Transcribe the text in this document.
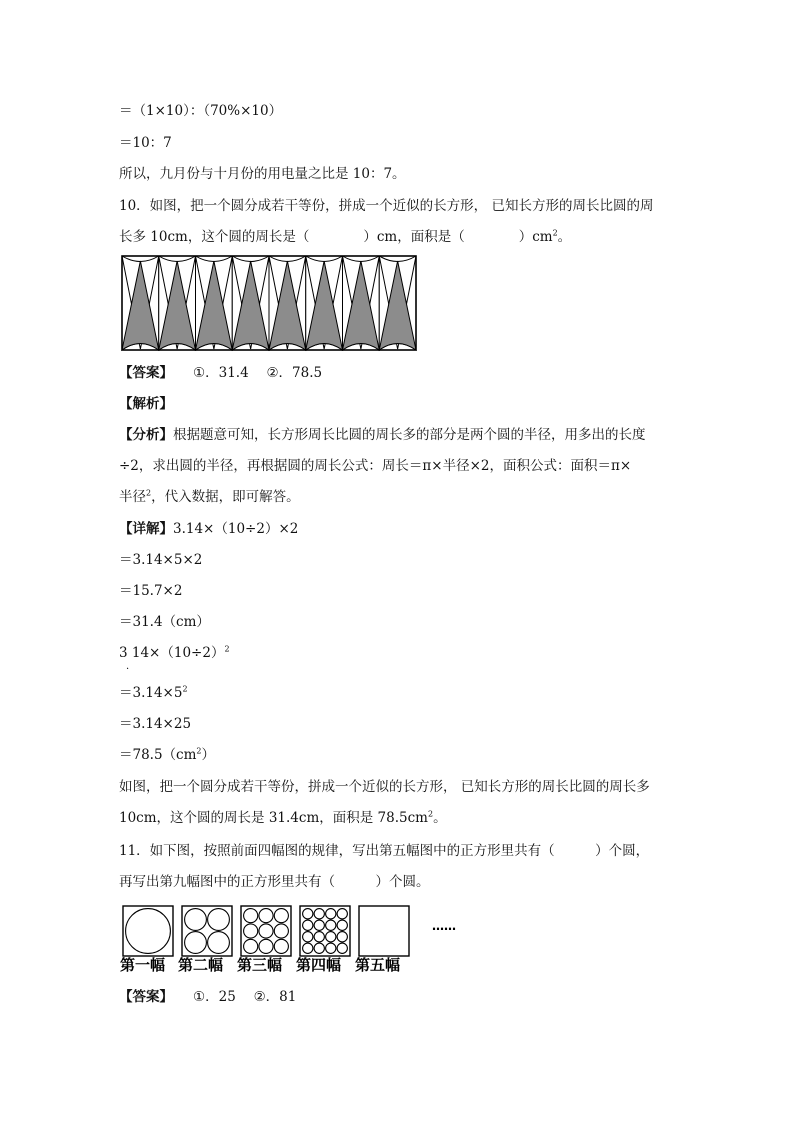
＝（1×10）：（70%×10）
＝10：7
所以，九月份与十月份的用电量之比是 10：7。
10．如图，把一个圆分成若干等份，拼成一个近似的长方形， 已知长方形的周长比圆的周
长多 10cm，这个圆的周长是（　　　　）cm，面积是（　　　　）$cm^2$。
【答案】 ①．31.4　 ②．78.5
【解析】
【分析】根据题意可知，长方形周长比圆的周长多的部分是两个圆的半径，用多出的长度
÷2，求出圆的半径，再根据圆的周长公式：周长＝π×半径×2，面积公式：面积＝π×
半径$^2$，代入数据，即可解答。
【详解】3.14×（10÷2）×2
＝3.14×5×2
＝15.7×2
＝31.4（cm）
3 $14\times(10\div 2)^2$
·
$=3.14\times 5^2$
＝3.14×25
$=78.5(cm^2)$
如图，把一个圆分成若干等份，拼成一个近似的长方形， 已知长方形的周长比圆的周长多
10cm，这个圆的周长是 31.4cm，面积是 $78.5cm^2$。
11．如下图，按照前面四幅图的规律，写出第五幅图中的正方形里共有（　　　）个圆，
再写出第九幅图中的正方形里共有（　　　）个圆。
……
第一幅 第二幅 第三幅 第四幅 第五幅
【答案】 ①．25　 ②．81
